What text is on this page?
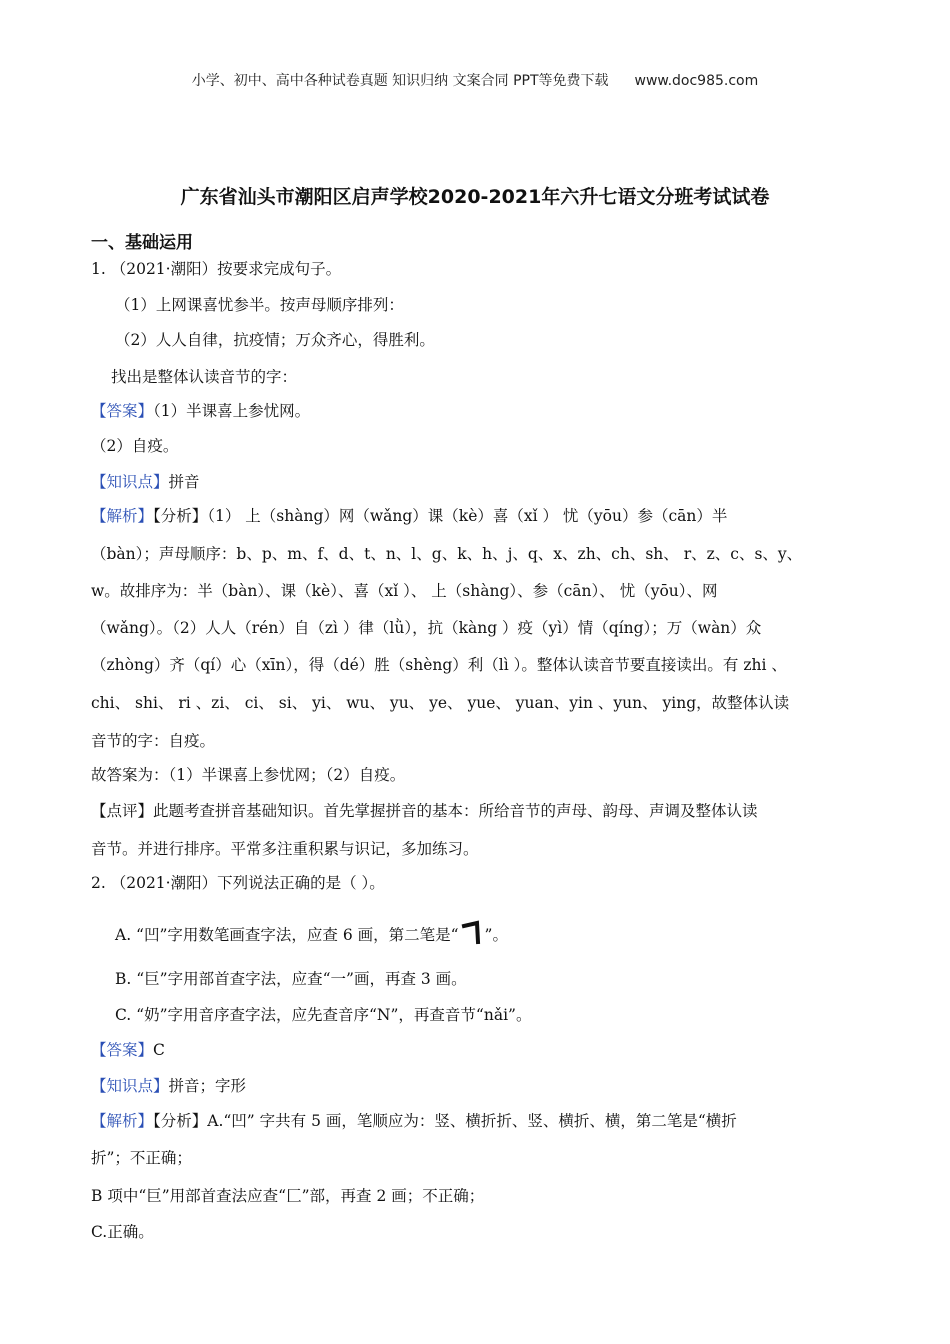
小学、初中、高中各种试卷真题 知识归纳 文案合同 PPT等免费下载 www.doc985.com
广东省汕头市潮阳区启声学校2020-2021年六升七语文分班考试试卷
一、基础运用
1. （2021·潮阳）按要求完成句子。
（1）上网课喜忧参半。按声母顺序排列：
（2）人人自律，抗疫情；万众齐心，得胜利。
找出是整体认读音节的字：
【答案】（1）半课喜上参忧网。
（2）自疫。
【知识点】拼音
【解析】【分析】（1） 上（shàng）网（wǎng）课（kè）喜（xǐ ） 忧（yōu）参（cān）半
（bàn）；声母顺序：b、p、m、f、d、t、n、l、g、k、h、j、q、x、zh、ch、sh、 r、z、c、s、y、
w。故排序为：半（bàn）、课（kè）、喜（xǐ ）、 上（shàng）、参（cān）、 忧（yōu）、网
（wǎng）。（2）人人（rén）自（zì ）律（lǜ），抗（kàng ）疫（yì）情（qíng）；万（wàn）众
（zhòng）齐（qí）心（xīn），得（dé）胜（shèng）利（lì ）。整体认读音节要直接读出。有 zhi 、
chi、 shi、 ri 、zi、 ci、 si、 yi、 wu、 yu、 ye、 yue、 yuan、yin 、yun、 ying，故整体认读
音节的字：自疫。
故答案为：（1）半课喜上参忧网；（2）自疫。
【点评】此题考查拼音基础知识。首先掌握拼音的基本：所给音节的声母、韵母、声调及整体认读
音节。并进行排序。平常多注重积累与识记，多加练习。
2. （2021·潮阳）下列说法正确的是（ ）。
A. “凹”字用数笔画查字法，应查 6 画，第二笔是“ ”。
B. “巨”字用部首查字法，应查“一”画，再查 3 画。
C. “奶”字用音序查字法，应先查音序“N”，再查音节“nǎi”。
【答案】C
【知识点】拼音；字形
【解析】【分析】A.“凹” 字共有 5 画，笔顺应为：竖、横折折、竖、横折、横，第二笔是“横折
折”；不正确；
B 项中“巨”用部首查法应查“匚”部，再查 2 画；不正确；
C.正确。
